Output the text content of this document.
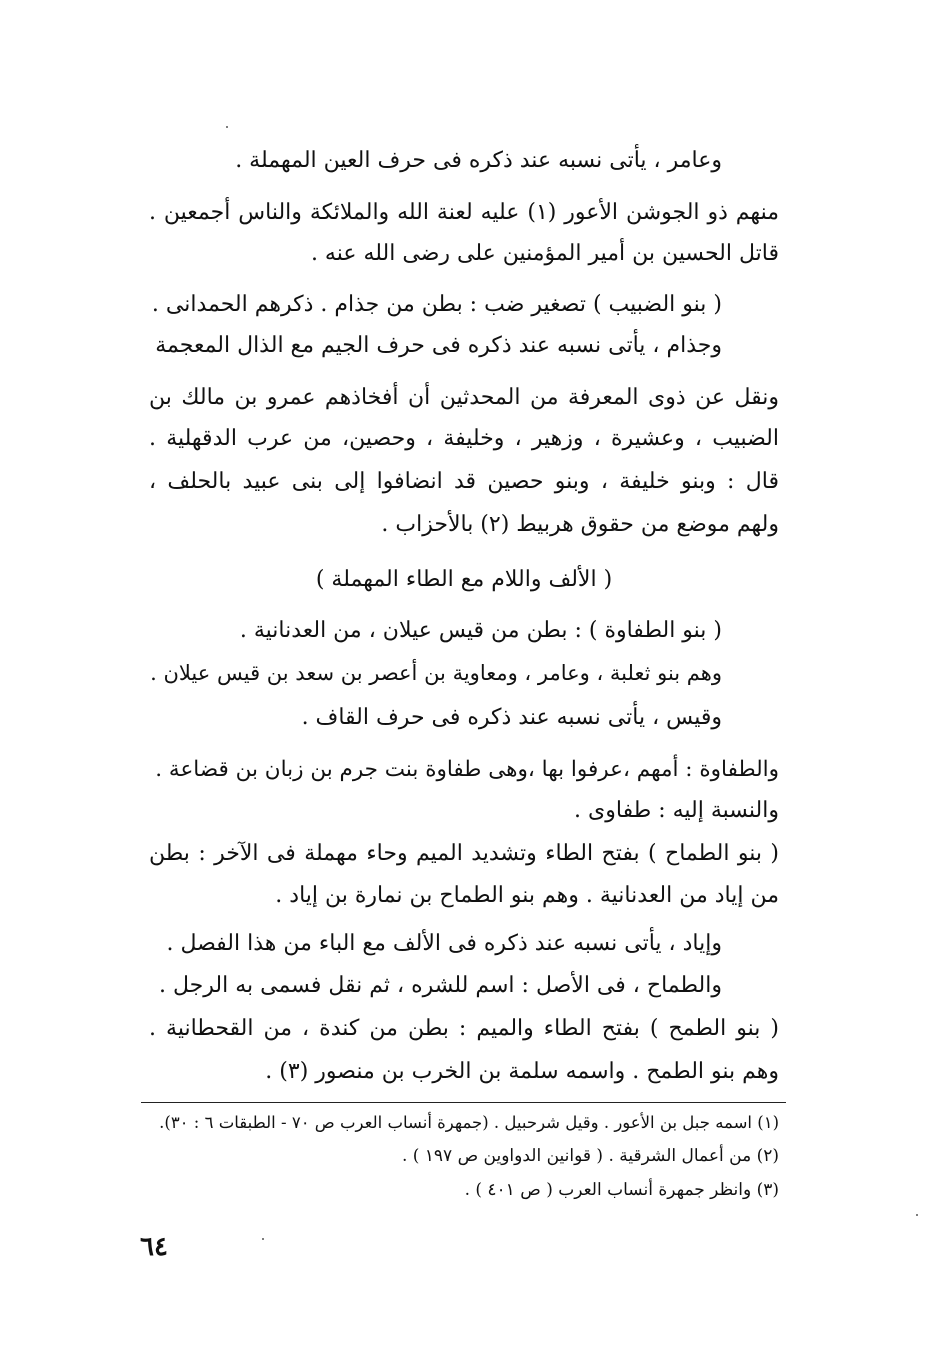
وعامر ، يأتى نسبه عند ذكره فى حرف العين المهملة .
منهم ذو الجوشن الأعور (١) عليه لعنة الله والملائكة والناس أجمعين .
قاتل الحسين بن أمير المؤمنين على رضى الله عنه .
( بنو الضبيب ) تصغير ضب : بطن من جذام . ذكرهم الحمدانى .
وجذام ، يأتى نسبه عند ذكره فى حرف الجيم مع الذال المعجمة
ونقل عن ذوى المعرفة من المحدثين أن أفخاذهم عمرو بن مالك بن
الضبيب ، وعشيرة ، وزهير ، وخليفة ، وحصين، من عرب الدقهلية .
قال : وبنو خليفة ، وبنو حصين قد انضافوا إلى بنى عبيد بالحلف ،
ولهم موضع من حقوق هربيط (٢) بالأحزاب .
( الألف واللام مع الطاء المهملة )
( بنو الطفاوة ) : بطن من قيس عيلان ، من العدنانية .
وهم بنو ثعلبة ، وعامر ، ومعاوية بن أعصر بن سعد بن قيس عيلان .
وقيس ، يأتى نسبه عند ذكره فى حرف القاف .
والطفاوة : أمهم ،عرفوا بها ،وهى طفاوة بنت جرم بن زبان بن قضاعة .
والنسبة إليه : طفاوى .
( بنو الطماح ) بفتح الطاء وتشديد الميم وحاء مهملة فى الآخر : بطن
من إياد من العدنانية . وهم بنو الطماح بن نمارة بن إياد .
وإياد ، يأتى نسبه عند ذكره فى الألف مع الباء من هذا الفصل .
والطماح ، فى الأصل : اسم للشره ، ثم نقل فسمى به الرجل .
( بنو الطمح ) بفتح الطاء والميم : بطن من كندة ، من القحطانية .
وهم بنو الطمح . واسمه سلمة بن الخرب بن منصور (٣) .
(١) اسمه جبل بن الأعور . وقيل شرحبيل . (جمهرة أنساب العرب ص ٧٠ - الطبقات ٦ : ٣٠).
(٢) من أعمال الشرقية . ( قوانين الدواوين ص ١٩٧ ) .
(٣) وانظر جمهرة أنساب العرب ( ص ٤٠١ ) .
٦٤
